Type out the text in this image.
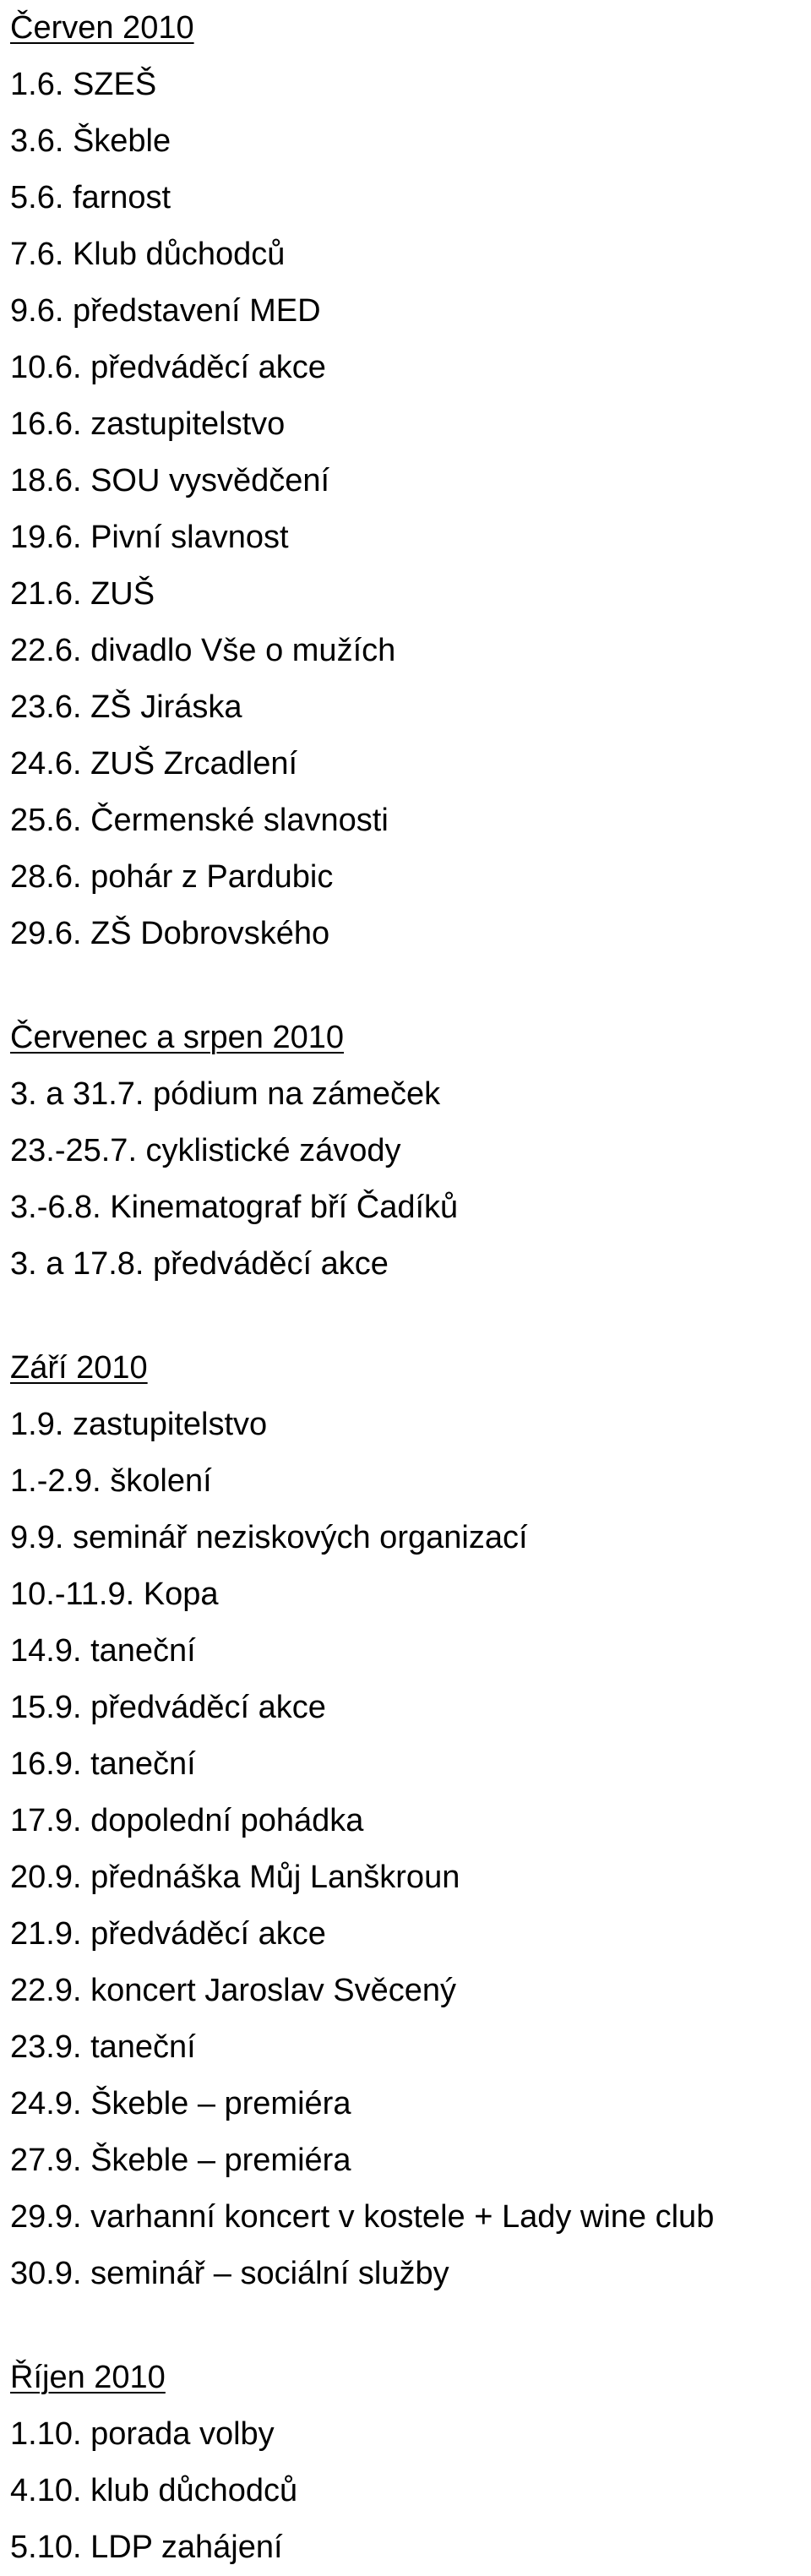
Červen 2010
1.6. SZEŠ
3.6. Škeble
5.6. farnost
7.6. Klub důchodců
9.6. představení MED
10.6. předváděcí akce
16.6. zastupitelstvo
18.6. SOU vysvědčení
19.6. Pivní slavnost
21.6. ZUŠ
22.6. divadlo Vše o mužích
23.6. ZŠ Jiráska
24.6. ZUŠ Zrcadlení
25.6. Čermenské slavnosti
28.6. pohár z Pardubic
29.6. ZŠ Dobrovského
Červenec a srpen 2010
3. a 31.7. pódium na zámeček
23.-25.7. cyklistické závody
3.-6.8. Kinematograf bří Čadíků
3. a 17.8. předváděcí akce
Září 2010
1.9. zastupitelstvo
1.-2.9. školení
9.9. seminář neziskových organizací
10.-11.9. Kopa
14.9. taneční
15.9. předváděcí akce
16.9. taneční
17.9. dopolední pohádka
20.9. přednáška Můj Lanškroun
21.9. předváděcí akce
22.9. koncert Jaroslav Svěcený
23.9. taneční
24.9. Škeble – premiéra
27.9. Škeble – premiéra
29.9. varhanní koncert v kostele + Lady wine club
30.9. seminář – sociální služby
Říjen 2010
1.10. porada volby
4.10. klub důchodců
5.10. LDP zahájení
